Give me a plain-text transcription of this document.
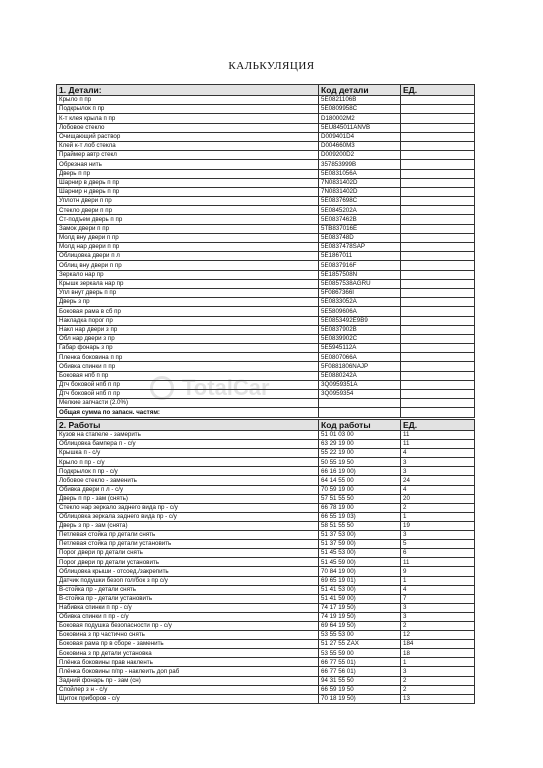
КАЛЬКУЛЯЦИЯ
TotalCar
1. Детали:	Код детали	ЕД.
Крыло п пр	5E0821106B	
Подкрылок п пр	5E0809958C	
К-т клея крыла п пр	D180002M2	
Лобовое стекло	5EU845011ANVB	
Очищающий раствор	D009401D4	
Клей к-т лоб стекла	D004660M3	
Праймер автр стекл	D009200D2	
Обрезная нить	357853999B	
Дверь п пр	5E0831056A	
Шарнир в дверь п пр	7N0831402D	
Шарнир н дверь п пр	7N0831402D	
Уплотн двери п пр	5E0837698C	
Стекло двери п пр	5E0845202A	
Ст-подъем дверь п пр	5E0837462B	
Замок двери п пр	5TB837016E	
Молд вну двери п пр	5E083748D	
Молд нар двери п пр	5E0837478SAP	
Облицовка двери п л	5E1867011	
Облиц вну двери п пр	5E0837916F	
Зеркало нар пр	5E1857508N	
Крышк зеркала нар пр	5E0857538AGRU	
Упл внут дверь п пр	5F0867366I	
Дверь з пр	5E0833052A	
Боковая рама в сб пр	5E5809606A	
Накладка порог пр	5E0853492E9B9	
Накл нар двери з пр	5E0837902B	
Обл нар двери з пр	5E0839902C	
Габар фонарь з пр	5E5945112A	
Пленка боковина п пр	5E0807066A	
Обивка спинки п пр	5F0881806NAJP	
Боковая нпб п пр	5E0880242A	
Дтч боковой нпб п пр	3Q0959351A	
Дтч боковой нпб п пр	3Q0959354	
Мелкие запчасти (2.0%)		
Общая сумма по запасн. частям:		
2. Работы	Код работы	ЕД.
Кузов на стапеле - замерить	51 01 03 00	11
Облицовка бампера п - с/у	63 29 19 00	11
Крышка п - с/у	55 22 19 00	4
Крыло п пр - с/у	50 55 19 50	3
Подкрылок п пр - с/у	66 16 19 00)	3
Лобовое стекло - заменить	64 14 55 00	24
Обивка двери п л - с/у	70 59 19 00	4
Дверь п пр - зам (снять)	57 51 55 50	20
Стекло нар зеркало заднего вида пр - с/у	66 78 19 00	2
Облицовка зеркала заднего вида пр - с/у	66 55 19 03)	1
Дверь з пр - зам (снята)	58 51 55 50	19
Петлевая стойка пр детали снять	51 37 53 00)	3
Петлевая стойка пр детали установить	51 37 59 00)	5
Порог двери пр детали снять	51 45 53 00)	6
Порог двери пр детали установить	51 45 59 00)	11
Облицовка крыши - отсоед./закрепить	70 84 19 00)	9
Датчик подушки безоп гол/бок з пр с/у	69 65 19 01)	1
В-стойка пр - детали снять	51 41 53 00)	4
В-стойка пр - детали установить	51 41 59 00)	7
Набивка спинки п пр - с/у	74 17 19 50)	3
Обивка спинки п пр - с/у	74 19 19 50)	3
Боковая подушка безопасности пр - с/у	69 64 19 50)	2
Боковина з пр частично снять	53 55 53 00	12
Боковая рама пр в сборе - заменить	51 27 55 ZAX	184
Боковина з пр детали установка	53 55 59 00	18
Плёнка боковины прав накленть	66 77 55 01)	1
Плёнка боковины п/пр - наклеить доп раб	66 77 56 01)	3
Задний фонарь пр - зам (сн)	94 31 55 50	2
Спойлер з н - с/у	66 59 19 50	2
Щиток приборов - с/у	70 18 19 50)	13
